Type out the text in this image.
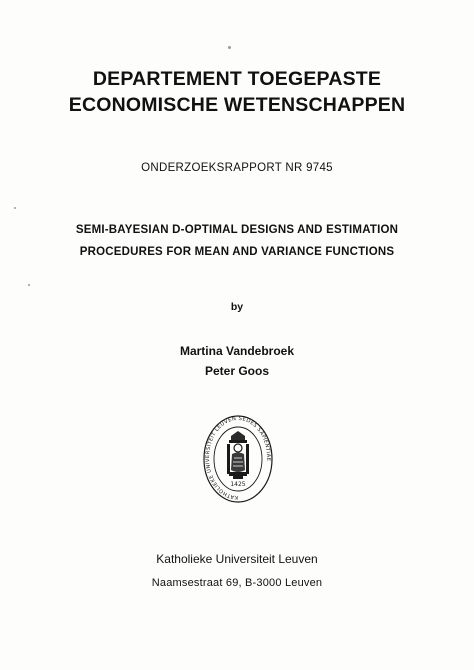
DEPARTEMENT TOEGEPASTE
ECONOMISCHE WETENSCHAPPEN
ONDERZOEKSRAPPORT NR 9745
SEMI-BAYESIAN D-OPTIMAL DESIGNS AND ESTIMATION
PROCEDURES FOR MEAN AND VARIANCE FUNCTIONS
by
Martina Vandebroek
Peter Goos
KATHOLIEKE UNIVERSITEIT LEUVEN SEDES SAPIENTIAE
1425
Katholieke Universiteit Leuven
Naamsestraat 69, B-3000 Leuven
